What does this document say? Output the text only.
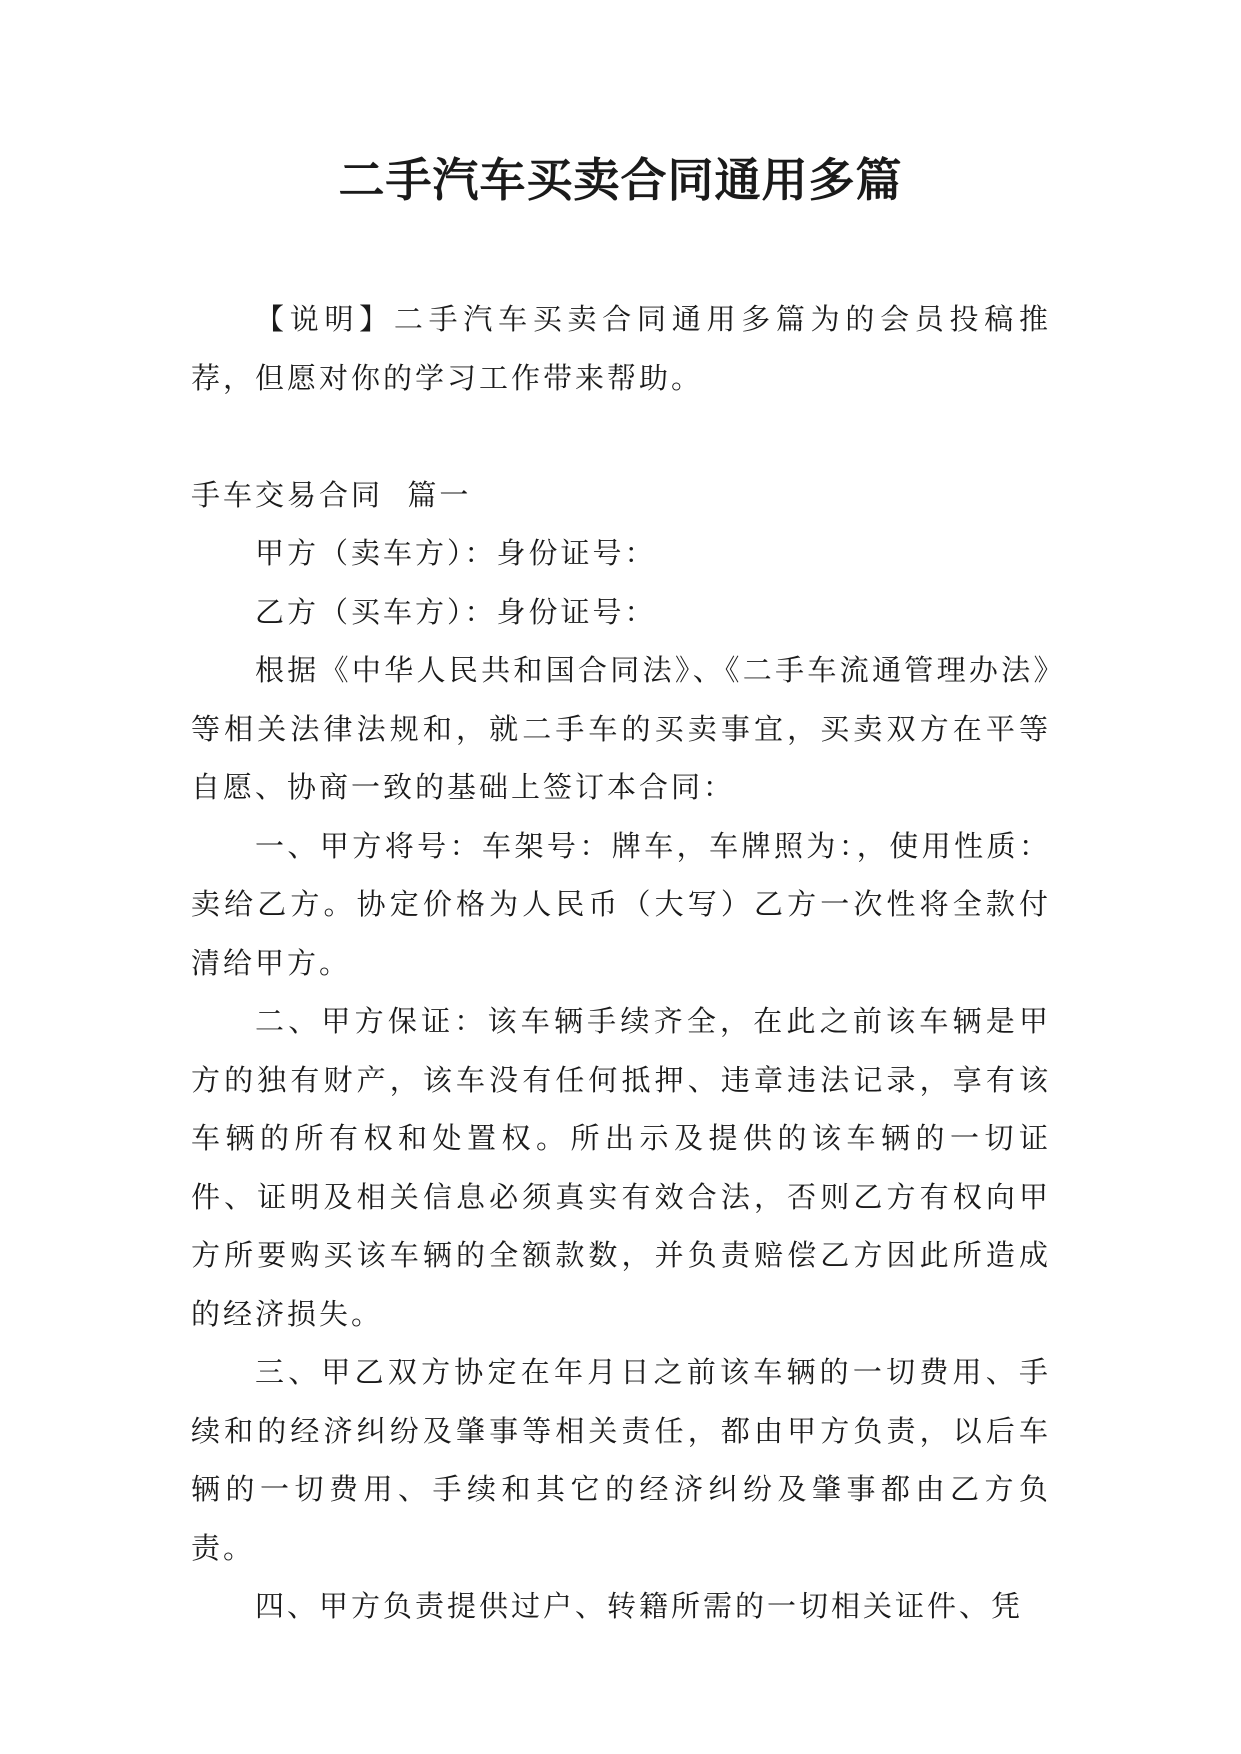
二手汽车买卖合同通用多篇

【说明】二手汽车买卖合同通用多篇为的会员投稿推荐，但愿对你的学习工作带来帮助。

手车交易合同  篇一

甲方（卖车方）：身份证号：

乙方（买车方）：身份证号：

根据《中华人民共和国合同法》、《二手车流通管理办法》等相关法律法规和，就二手车的买卖事宜，买卖双方在平等自愿、协商一致的基础上签订本合同：

一、甲方将号：车架号：牌车，车牌照为：，使用性质：卖给乙方。协定价格为人民币（大写）乙方一次性将全款付清给甲方。

二、甲方保证：该车辆手续齐全，在此之前该车辆是甲方的独有财产，该车没有任何抵押、违章违法记录，享有该车辆的所有权和处置权。所出示及提供的该车辆的一切证件、证明及相关信息必须真实有效合法，否则乙方有权向甲方所要购买该车辆的全额款数，并负责赔偿乙方因此所造成的经济损失。

三、甲乙双方协定在年月日之前该车辆的一切费用、手续和的经济纠纷及肇事等相关责任，都由甲方负责，以后车辆的一切费用、手续和其它的经济纠纷及肇事都由乙方负责。

四、甲方负责提供过户、转籍所需的一切相关证件、凭
